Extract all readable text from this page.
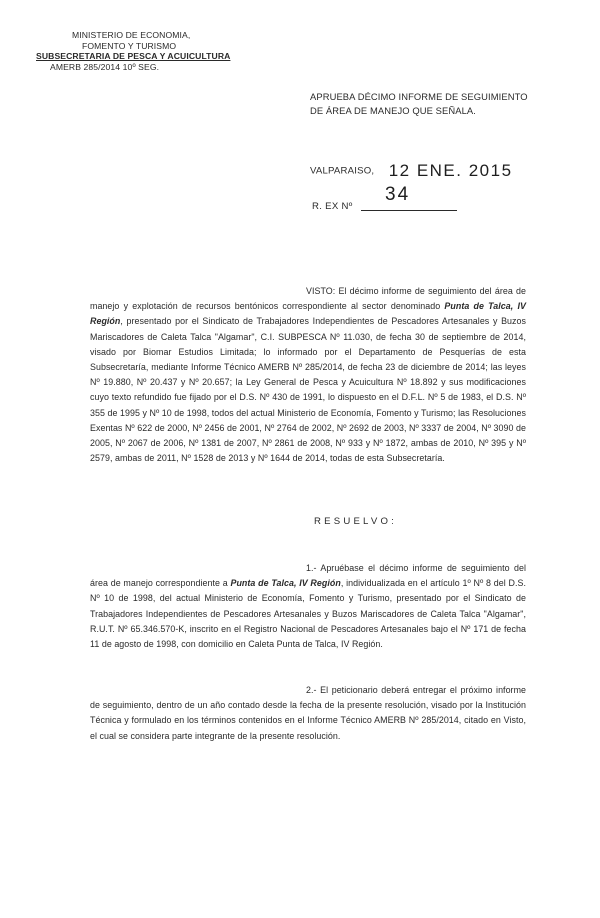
MINISTERIO DE ECONOMIA,
FOMENTO Y TURISMO
SUBSECRETARIA DE PESCA Y ACUICULTURA
AMERB 285/2014 10º SEG.
APRUEBA DÉCIMO INFORME DE SEGUIMIENTO DE ÁREA DE MANEJO QUE SEÑALA.
VALPARAISO, 12 ENE. 2015
R. EX Nº
34

VISTO: El décimo informe de seguimiento del área de manejo y explotación de recursos bentónicos correspondiente al sector denominado Punta de Talca, IV Región, presentado por el Sindicato de Trabajadores Independientes de Pescadores Artesanales y Buzos Mariscadores de Caleta Talca "Algamar", C.I. SUBPESCA Nº 11.030, de fecha 30 de septiembre de 2014, visado por Biomar Estudios Limitada; lo informado por el Departamento de Pesquerías de esta Subsecretaría, mediante Informe Técnico AMERB Nº 285/2014, de fecha 23 de diciembre de 2014; las leyes Nº 19.880, Nº 20.437 y Nº 20.657; la Ley General de Pesca y Acuicultura Nº 18.892 y sus modificaciones cuyo texto refundido fue fijado por el D.S. Nº 430 de 1991, lo dispuesto en el D.F.L. Nº 5 de 1983, el D.S. Nº 355 de 1995 y Nº 10 de 1998, todos del actual Ministerio de Economía, Fomento y Turismo; las Resoluciones Exentas Nº 622 de 2000, Nº 2456 de 2001, Nº 2764 de 2002, Nº 2692 de 2003, Nº 3337 de 2004, Nº 3090 de 2005, Nº 2067 de 2006, Nº 1381 de 2007, Nº 2861 de 2008, Nº 933 y Nº 1872, ambas de 2010, Nº 395 y Nº 2579, ambas de 2011, Nº 1528 de 2013 y Nº 1644 de 2014, todas de esta Subsecretaría.

RESUELVO:

1.- Apruébase el décimo informe de seguimiento del área de manejo correspondiente a Punta de Talca, IV Región, individualizada en el artículo 1º Nº 8 del D.S. Nº 10 de 1998, del actual Ministerio de Economía, Fomento y Turismo, presentado por el Sindicato de Trabajadores Independientes de Pescadores Artesanales y Buzos Mariscadores de Caleta Talca "Algamar", R.U.T. Nº 65.346.570-K, inscrito en el Registro Nacional de Pescadores Artesanales bajo el Nº 171 de fecha 11 de agosto de 1998, con domicilio en Caleta Punta de Talca, IV Región.

2.- El peticionario deberá entregar el próximo informe de seguimiento, dentro de un año contado desde la fecha de la presente resolución, visado por la Institución Técnica y formulado en los términos contenidos en el Informe Técnico AMERB Nº 285/2014, citado en Visto, el cual se considera parte integrante de la presente resolución.
